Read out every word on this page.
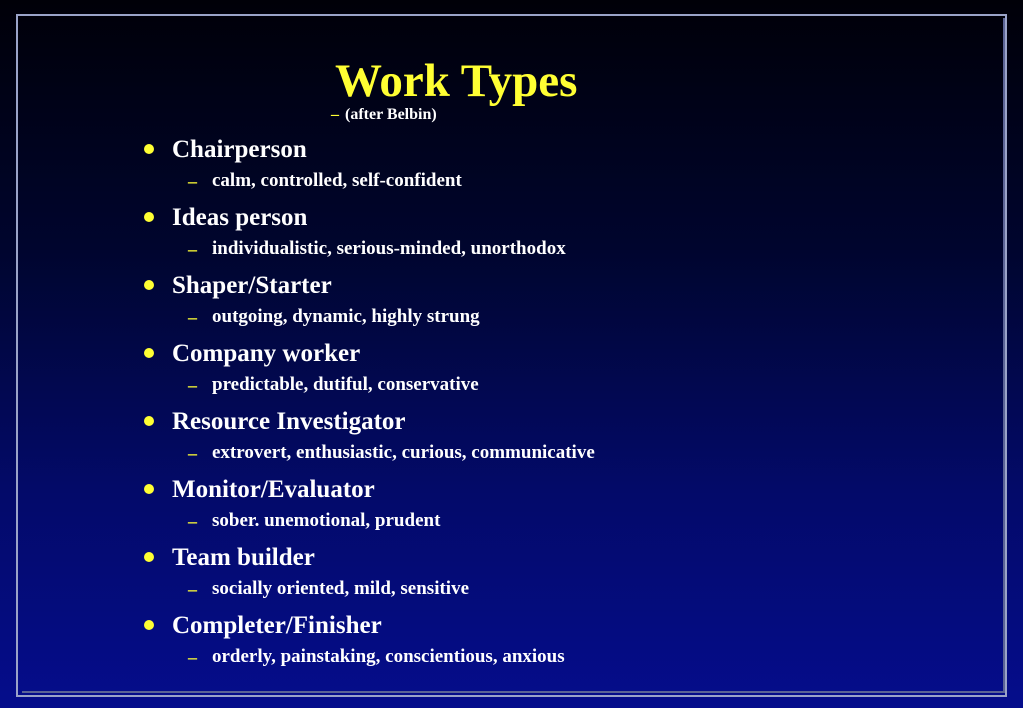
Work Types
– (after Belbin)
Chairperson
– calm, controlled, self-confident
Ideas person
– individualistic, serious-minded, unorthodox
Shaper/Starter
– outgoing, dynamic, highly strung
Company worker
– predictable, dutiful, conservative
Resource Investigator
– extrovert, enthusiastic, curious, communicative
Monitor/Evaluator
– sober. unemotional, prudent
Team builder
– socially oriented, mild, sensitive
Completer/Finisher
– orderly, painstaking, conscientious, anxious
